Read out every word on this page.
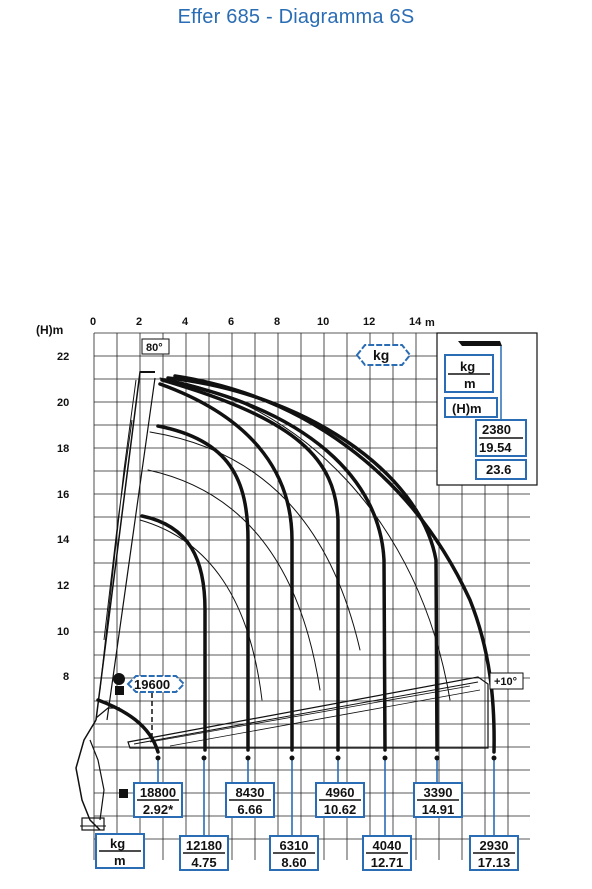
Effer 685 - Diagramma 6S
(H)m	m
0	2	4	6	8	10	12	14
22
20
18
16
14
12
10
8
80°	kg
kg
m
(H)m
2380
19.54
23.6
+10°
19600
18800
2.92*
12180
4.75
8430
6.66
6310
8.60
4960
10.62
4040
12.71
3390
14.91
2930
17.13
kg
m
